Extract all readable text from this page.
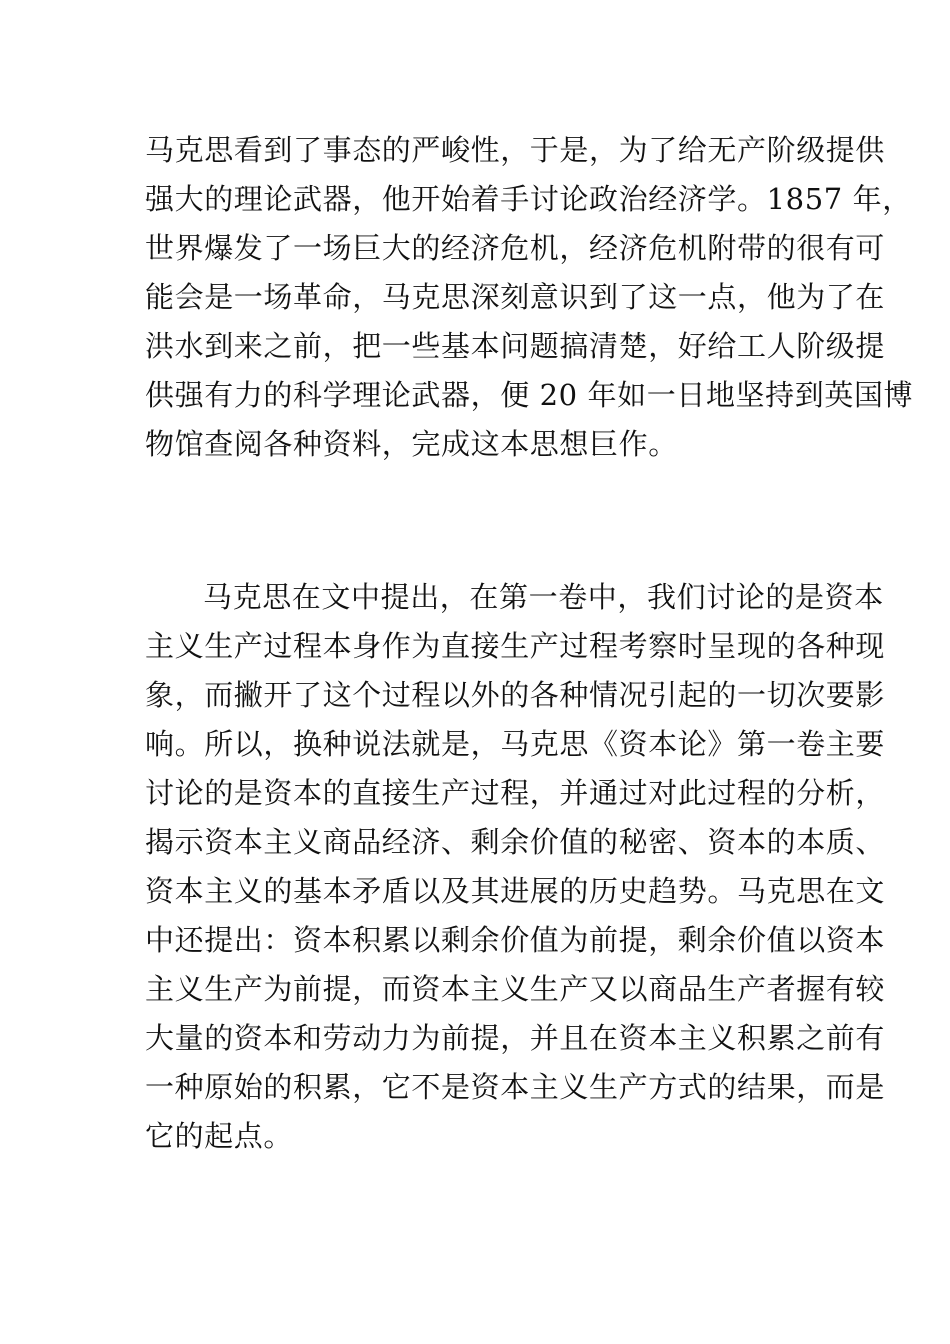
马克思看到了事态的严峻性，于是，为了给无产阶级提供

强大的理论武器，他开始着手讨论政治经济学。1857 年，

世界爆发了一场巨大的经济危机，经济危机附带的很有可

能会是一场革命，马克思深刻意识到了这一点，他为了在

洪水到来之前，把一些基本问题搞清楚，好给工人阶级提

供强有力的科学理论武器，便 20 年如一日地坚持到英国博

物馆查阅各种资料，完成这本思想巨作。

马克思在文中提出，在第一卷中，我们讨论的是资本

主义生产过程本身作为直接生产过程考察时呈现的各种现

象，而撇开了这个过程以外的各种情况引起的一切次要影

响。所以，换种说法就是，马克思《资本论》第一卷主要

讨论的是资本的直接生产过程，并通过对此过程的分析，

揭示资本主义商品经济、剩余价值的秘密、资本的本质、

资本主义的基本矛盾以及其进展的历史趋势。马克思在文

中还提出：资本积累以剩余价值为前提，剩余价值以资本

主义生产为前提，而资本主义生产又以商品生产者握有较

大量的资本和劳动力为前提，并且在资本主义积累之前有

一种原始的积累，它不是资本主义生产方式的结果，而是

它的起点。
